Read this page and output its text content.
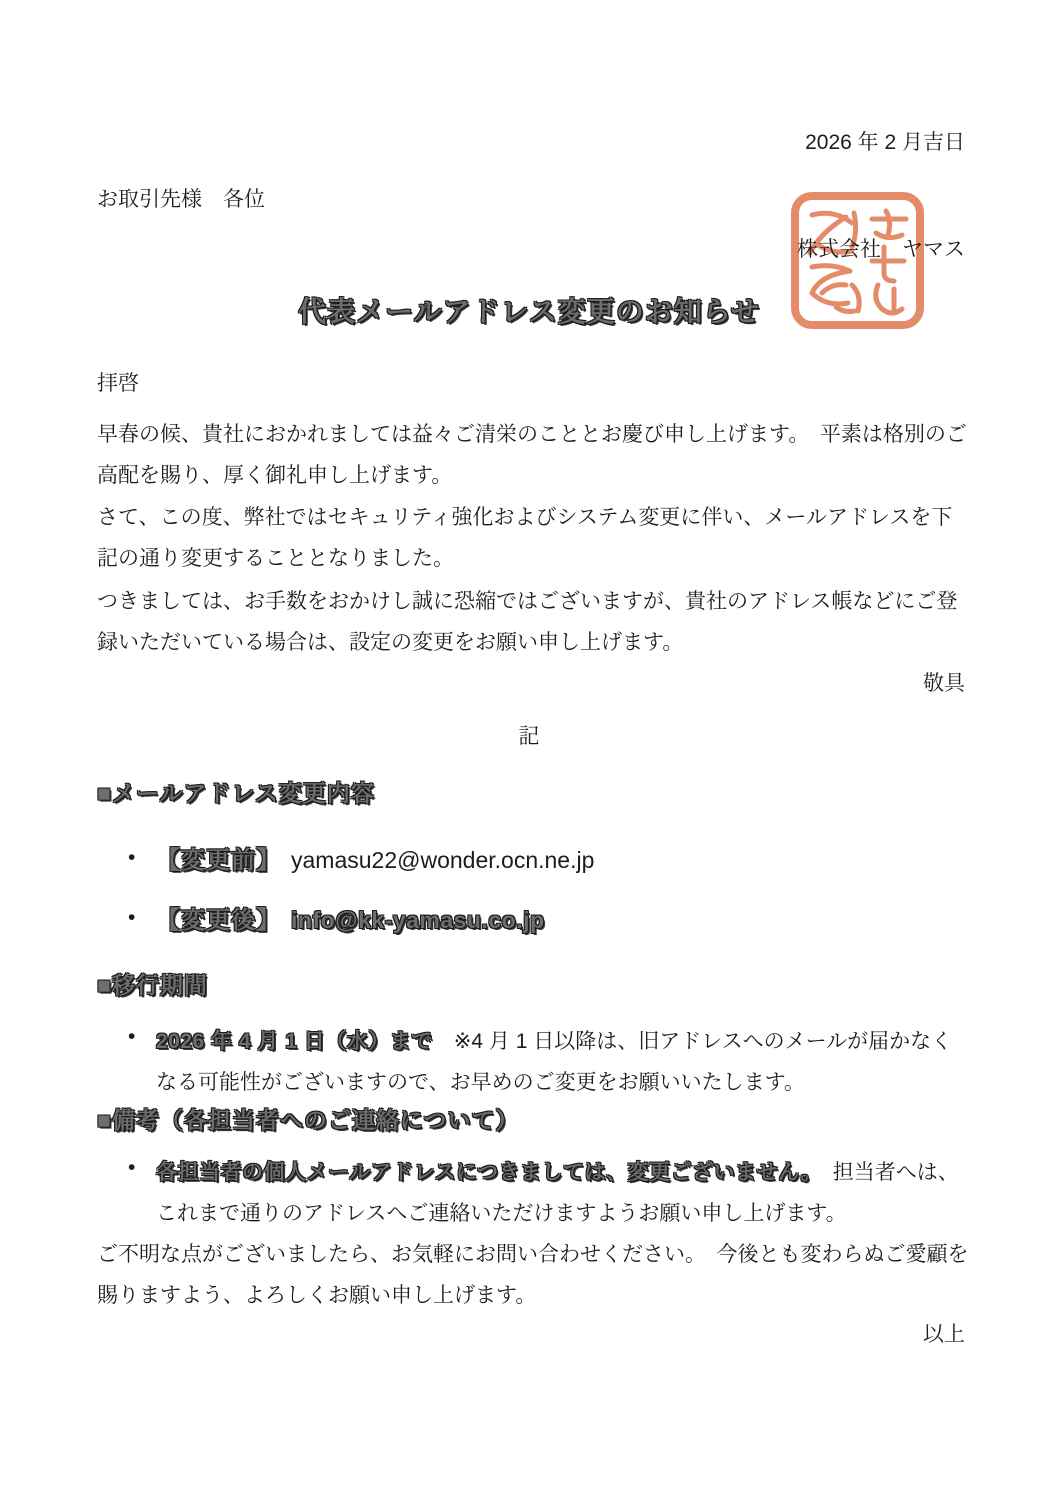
2026 年 2 月吉日
お取引先様　各位
株式会社　ヤマス
代表メールアドレス変更のお知らせ
拝啓
早春の候、貴社におかれましては益々ご清栄のこととお慶び申し上げます。　平素は格別のご高配を賜り、厚く御礼申し上げます。
さて、この度、弊社ではセキュリティ強化およびシステム変更に伴い、メールアドレスを下記の通り変更することとなりました。
つきましては、お手数をおかけし誠に恐縮ではございますが、貴社のアドレス帳などにご登録いただいている場合は、設定の変更をお願い申し上げます。
敬具
記
■メールアドレス変更内容
• 【変更前】 yamasu22@wonder.ocn.ne.jp
• 【変更後】 info@kk-yamasu.co.jp
■移行期間
• 2026 年 4 月 1 日（水）まで　※4 月 1 日以降は、旧アドレスへのメールが届かなくなる可能性がございますので、お早めのご変更をお願いいたします。
■備考（各担当者へのご連絡について）
• 各担当者の個人メールアドレスにつきましては、変更ございません。　担当者へは、これまで通りのアドレスへご連絡いただけますようお願い申し上げます。
ご不明な点がございましたら、お気軽にお問い合わせください。　今後とも変わらぬご愛顧を賜りますよう、よろしくお願い申し上げます。
以上
